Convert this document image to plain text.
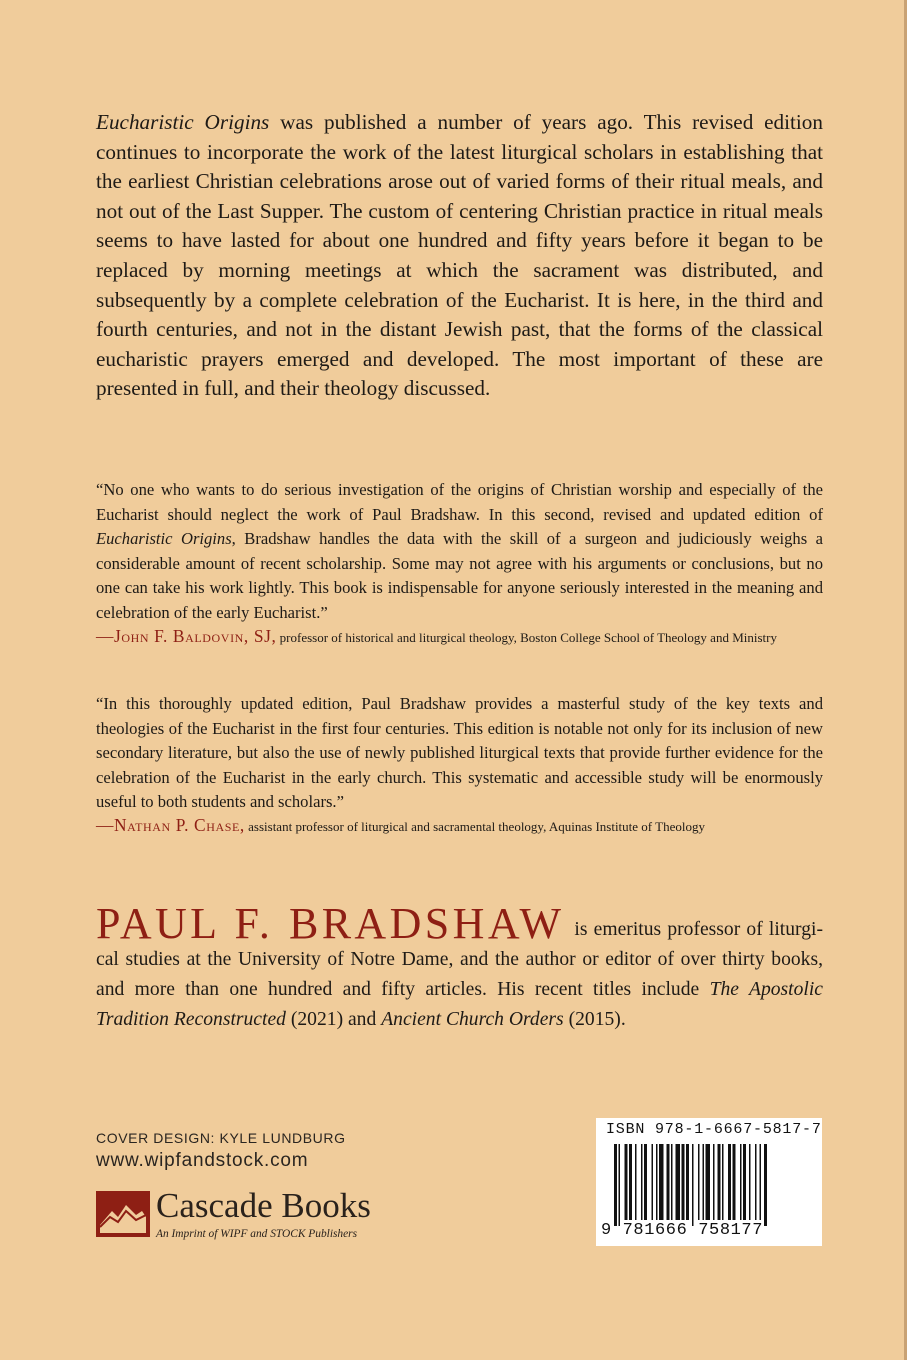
Eucharistic Origins was published a number of years ago. This revised edition continues to incorporate the work of the latest liturgical scholars in establishing that the earliest Christian celebrations arose out of varied forms of their ritual meals, and not out of the Last Supper. The custom of centering Christian practice in ritual meals seems to have lasted for about one hundred and fifty years before it began to be replaced by morning meetings at which the sacrament was distributed, and subsequently by a complete celebration of the Eucharist. It is here, in the third and fourth centuries, and not in the distant Jewish past, that the forms of the classical eucharistic prayers emerged and developed. The most important of these are presented in full, and their theology discussed.

“No one who wants to do serious investigation of the origins of Christian worship and especially of the Eucharist should neglect the work of Paul Bradshaw. In this second, revised and updated edition of Eucharistic Origins, Bradshaw handles the data with the skill of a surgeon and judiciously weighs a considerable amount of recent scholarship. Some may not agree with his arguments or conclusions, but no one can take his work lightly. This book is indispensable for anyone seriously interested in the meaning and celebration of the early Eucharist.”
—John F. Baldovin, SJ, professor of historical and liturgical theology, Boston College School of Theology and Ministry

“In this thoroughly updated edition, Paul Bradshaw provides a masterful study of the key texts and theologies of the Eucharist in the first four centuries. This edition is notable not only for its inclusion of new secondary literature, but also the use of newly published liturgical texts that provide further evidence for the celebration of the Eucharist in the early church. This systematic and accessible study will be enormously useful to both students and scholars.”
—Nathan P. Chase, assistant professor of liturgical and sacramental theology, Aquinas Institute of Theology

PAUL F. BRADSHAW is emeritus professor of liturgical studies at the University of Notre Dame, and the author or editor of over thirty books, and more than one hundred and fifty articles. His recent titles include The Apostolic Tradition Reconstructed (2021) and Ancient Church Orders (2015).

COVER DESIGN: KYLE LUNDBURG
www.wipfandstock.com
Cascade Books
An Imprint of WIPF and STOCK Publishers
ISBN 978-1-6667-5817-7
9 781666 758177
